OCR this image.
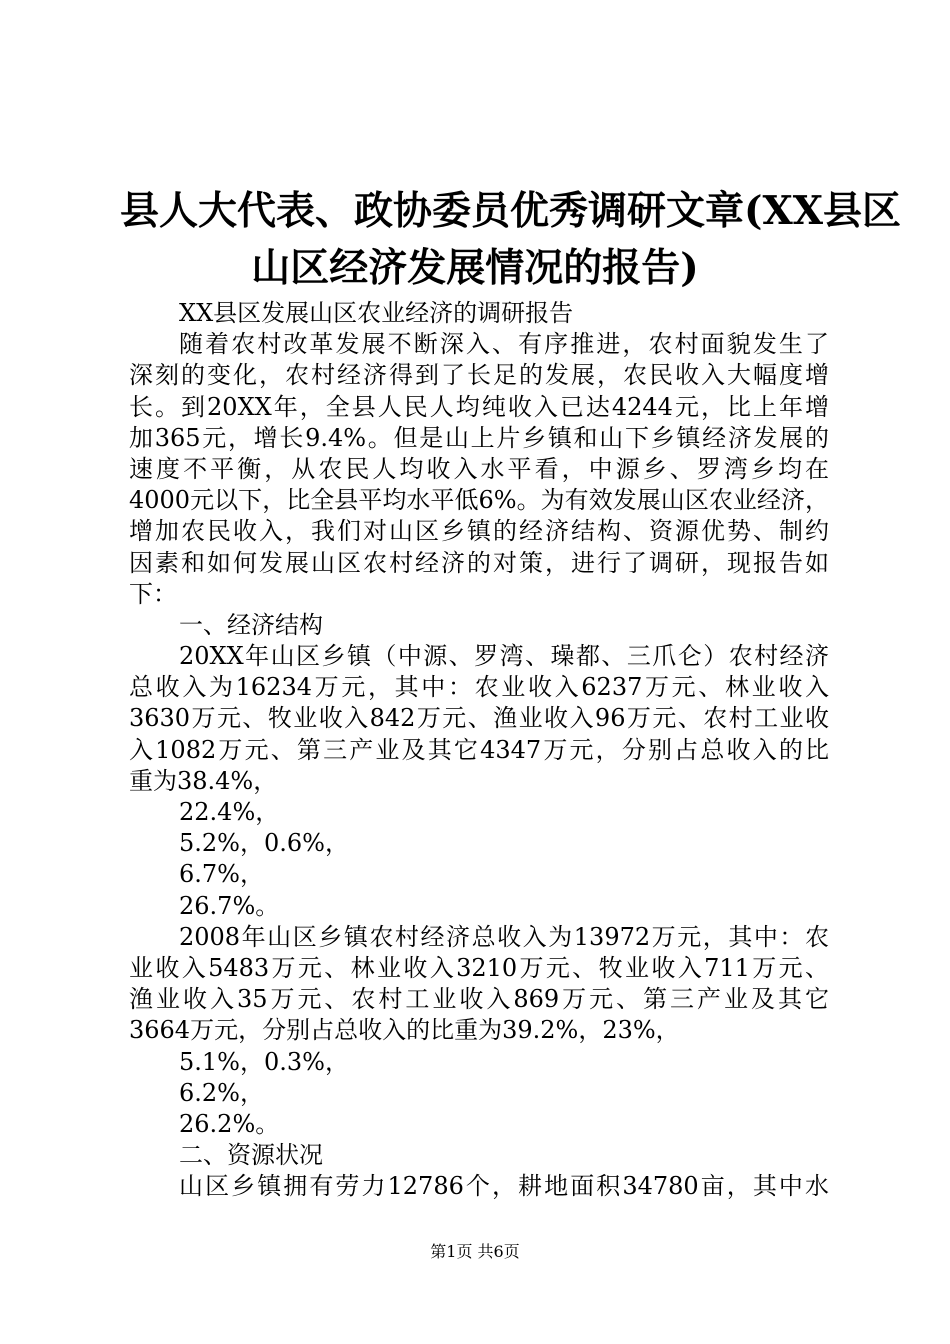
县人大代表、政协委员优秀调研文章(XX县区
山区经济发展情况的报告)
XX县区发展山区农业经济的调研报告
随着农村改革发展不断深入、有序推进，农村面貌发生了
深刻的变化，农村经济得到了长足的发展，农民收入大幅度增
长。到20XX年，全县人民人均纯收入已达4244元，比上年增
加365元，增长9.4%。但是山上片乡镇和山下乡镇经济发展的
速度不平衡，从农民人均收入水平看，中源乡、罗湾乡均在
4000元以下，比全县平均水平低6%。为有效发展山区农业经济，
增加农民收入，我们对山区乡镇的经济结构、资源优势、制约
因素和如何发展山区农村经济的对策，进行了调研，现报告如
下：
一、经济结构
20XX年山区乡镇（中源、罗湾、璪都、三爪仑）农村经济
总收入为16234万元，其中：农业收入6237万元、林业收入
3630万元、牧业收入842万元、渔业收入96万元、农村工业收
入1082万元、第三产业及其它4347万元，分别占总收入的比
重为38.4%，
22.4%，
5.2%，0.6%，
6.7%，
26.7%。
2008年山区乡镇农村经济总收入为13972万元，其中：农
业收入5483万元、林业收入3210万元、牧业收入711万元、
渔业收入35万元、农村工业收入869万元、第三产业及其它
3664万元，分别占总收入的比重为39.2%，23%，
5.1%，0.3%，
6.2%，
26.2%。
二、资源状况
山区乡镇拥有劳力12786个，耕地面积34780亩，其中水
第1页 共6页
